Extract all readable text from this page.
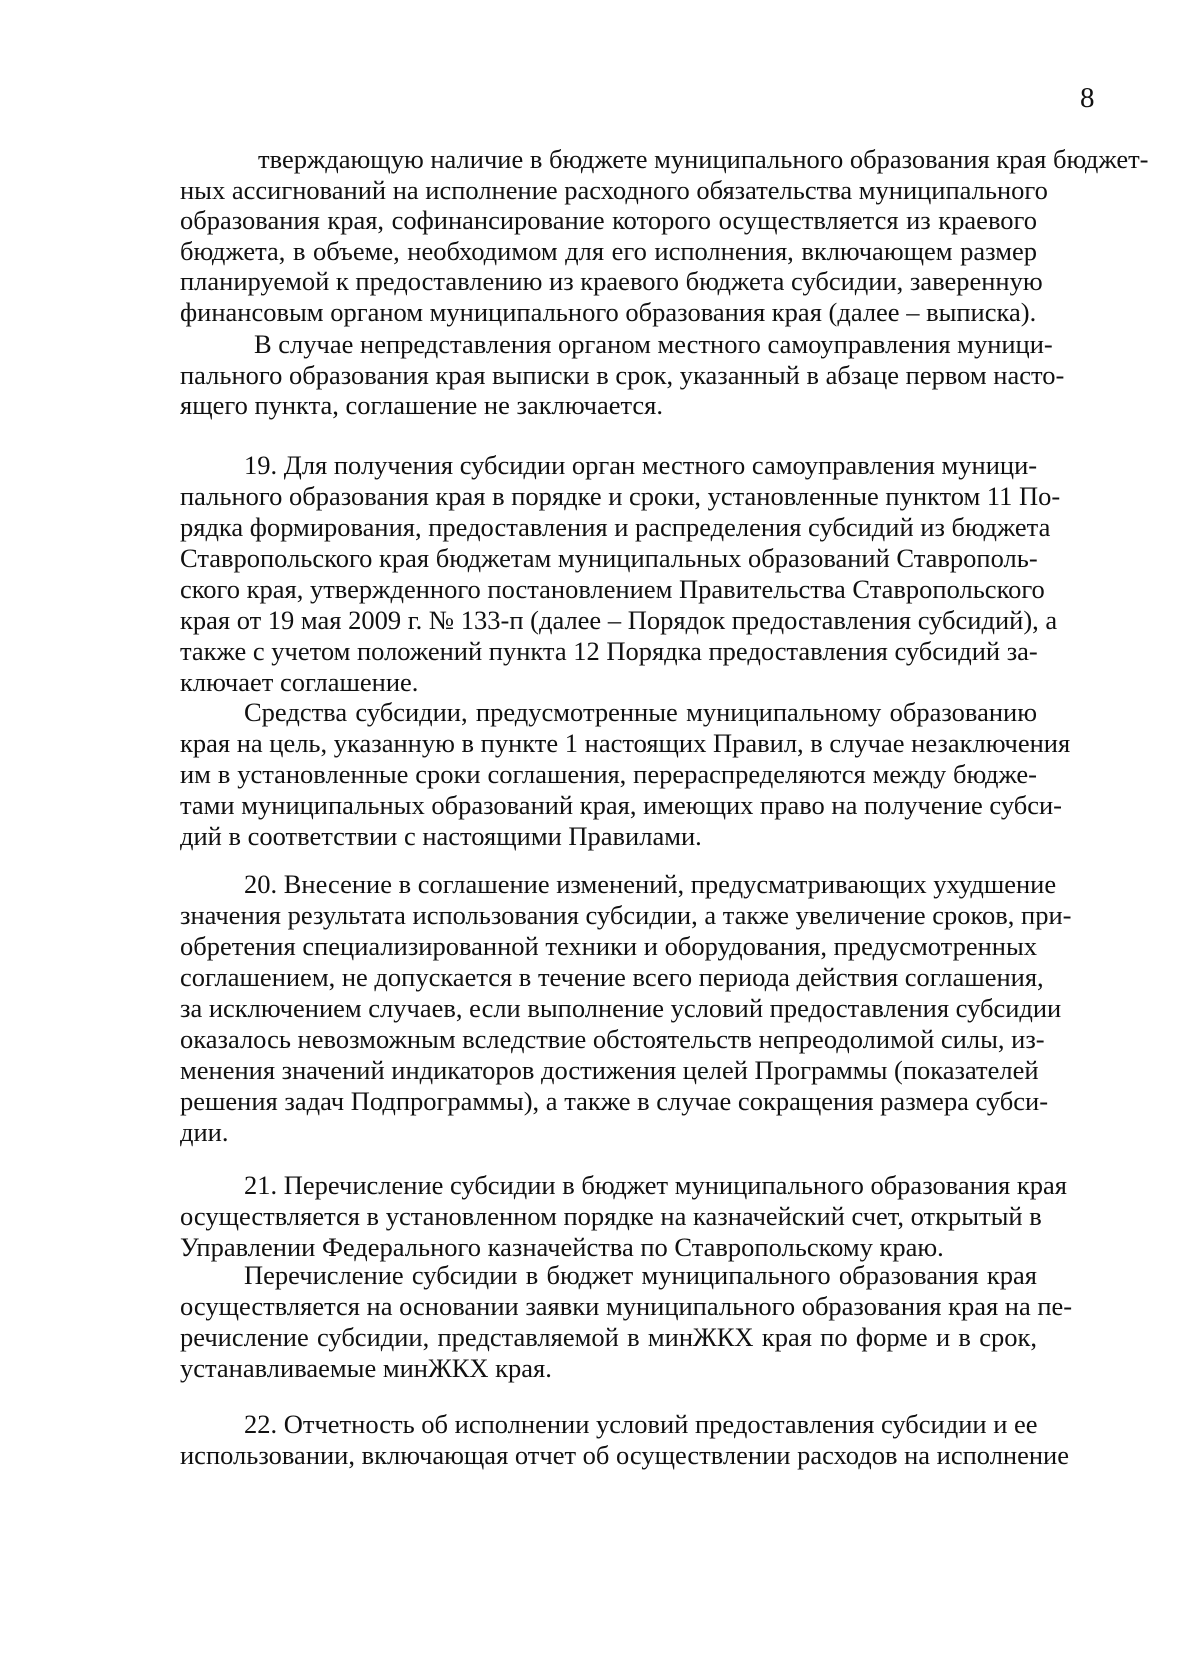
8
тверждающую наличие в бюджете муниципального образования края бюджет-
ных ассигнований на исполнение расходного обязательства муниципального
образования края, софинансирование которого осуществляется из краевого
бюджета, в объеме, необходимом для его исполнения, включающем размер
планируемой к предоставлению из краевого бюджета субсидии, заверенную
финансовым органом муниципального образования края (далее – выписка).
В случае непредставления органом местного самоуправления муници-
пального образования края выписки в срок, указанный в абзаце первом насто-
ящего пункта, соглашение не заключается.
19. Для получения субсидии орган местного самоуправления муници-
пального образования края в порядке и сроки, установленные пунктом 11 По-
рядка формирования, предоставления и распределения субсидий из бюджета
Ставропольского края бюджетам муниципальных образований Ставрополь-
ского края, утвержденного постановлением Правительства Ставропольского
края от 19 мая 2009 г. № 133-п (далее – Порядок предоставления субсидий), а
также с учетом положений пункта 12 Порядка предоставления субсидий за-
ключает соглашение.
Средства субсидии, предусмотренные муниципальному образованию
края на цель, указанную в пункте 1 настоящих Правил, в случае незаключения
им в установленные сроки соглашения, перераспределяются между бюдже-
тами муниципальных образований края, имеющих право на получение субси-
дий в соответствии с настоящими Правилами.
20. Внесение в соглашение изменений, предусматривающих ухудшение
значения результата использования субсидии, а также увеличение сроков, при-
обретения специализированной техники и оборудования, предусмотренных
соглашением, не допускается в течение всего периода действия соглашения,
за исключением случаев, если выполнение условий предоставления субсидии
оказалось невозможным вследствие обстоятельств непреодолимой силы, из-
менения значений индикаторов достижения целей Программы (показателей
решения задач Подпрограммы), а также в случае сокращения размера субси-
дии.
21. Перечисление субсидии в бюджет муниципального образования края
осуществляется в установленном порядке на казначейский счет, открытый в
Управлении Федерального казначейства по Ставропольскому краю.
Перечисление субсидии в бюджет муниципального образования края
осуществляется на основании заявки муниципального образования края на пе-
речисление субсидии, представляемой в минЖКХ края по форме и в срок,
устанавливаемые минЖКХ края.
22. Отчетность об исполнении условий предоставления субсидии и ее
использовании, включающая отчет об осуществлении расходов на исполнение
